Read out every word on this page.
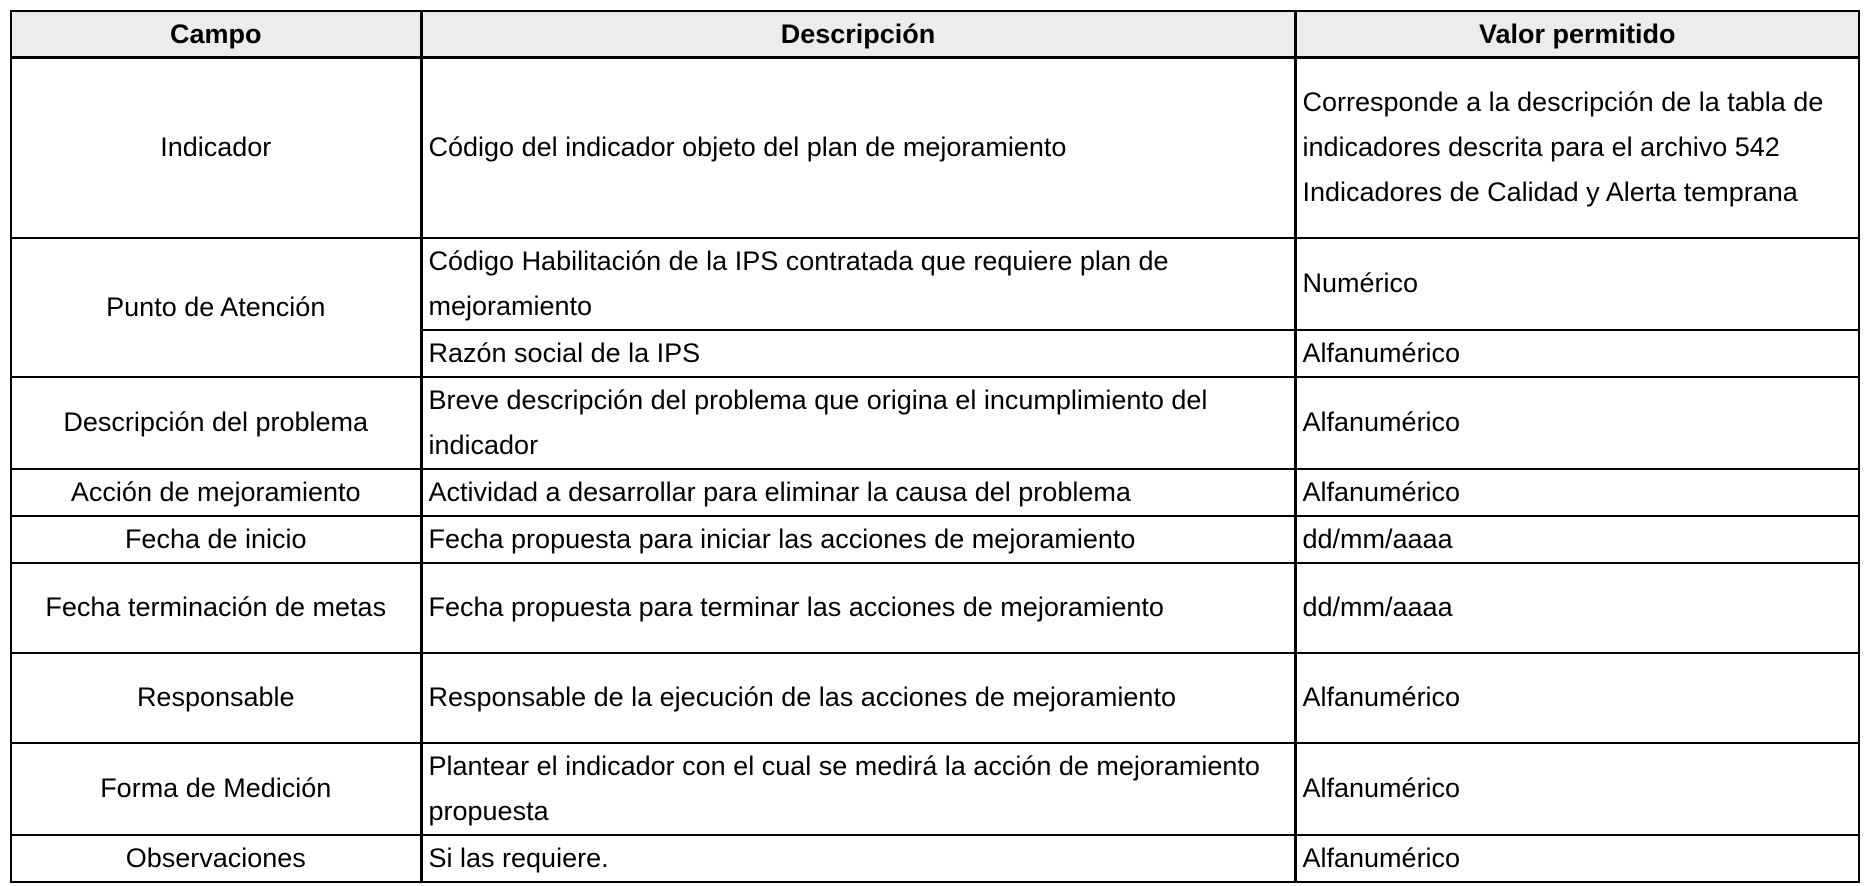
Campo	Descripción	Valor permitido
Indicador	Código del indicador objeto del plan de mejoramiento	Corresponde a la descripción de la tabla de indicadores descrita para el archivo 542 Indicadores de Calidad y Alerta temprana
Punto de Atención	Código Habilitación de la IPS contratada que requiere plan de mejoramiento	Numérico
	Razón social de la IPS	Alfanumérico
Descripción del problema	Breve descripción del problema que origina el incumplimiento del indicador	Alfanumérico
Acción de mejoramiento	Actividad a desarrollar para eliminar la causa del problema	Alfanumérico
Fecha de inicio	Fecha propuesta para iniciar las acciones de mejoramiento	dd/mm/aaaa
Fecha terminación de metas	Fecha propuesta para terminar las acciones de mejoramiento	dd/mm/aaaa
Responsable	Responsable de la ejecución de las acciones de mejoramiento	Alfanumérico
Forma de Medición	Plantear el indicador con el cual se medirá la acción de mejoramiento propuesta	Alfanumérico
Observaciones	Si las requiere.	Alfanumérico
